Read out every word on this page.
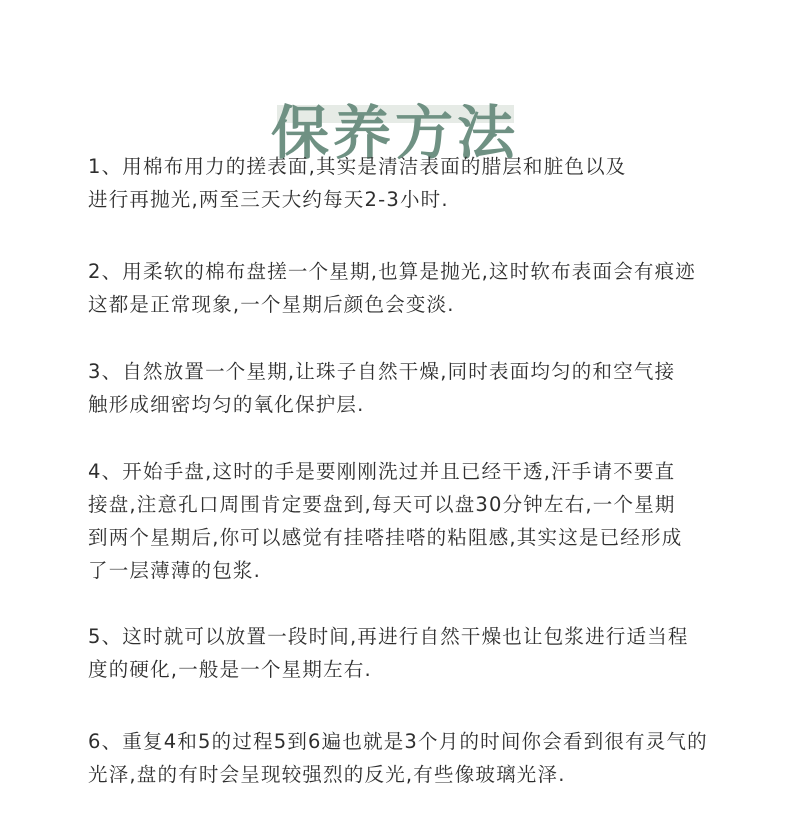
保养方法

1、用棉布用力的搓表面,其实是清洁表面的腊层和脏色以及
进行再抛光,两至三天大约每天2-3小时.

2、用柔软的棉布盘搓一个星期,也算是抛光,这时软布表面会有痕迹
这都是正常现象,一个星期后颜色会变淡.

3、自然放置一个星期,让珠子自然干燥,同时表面均匀的和空气接
触形成细密均匀的氧化保护层.

4、开始手盘,这时的手是要刚刚洗过并且已经干透,汗手请不要直
接盘,注意孔口周围肯定要盘到,每天可以盘30分钟左右,一个星期
到两个星期后,你可以感觉有挂嗒挂嗒的粘阻感,其实这是已经形成
了一层薄薄的包浆.

5、这时就可以放置一段时间,再进行自然干燥也让包浆进行适当程
度的硬化,一般是一个星期左右.

6、重复4和5的过程5到6遍也就是3个月的时间你会看到很有灵气的
光泽,盘的有时会呈现较强烈的反光,有些像玻璃光泽.
